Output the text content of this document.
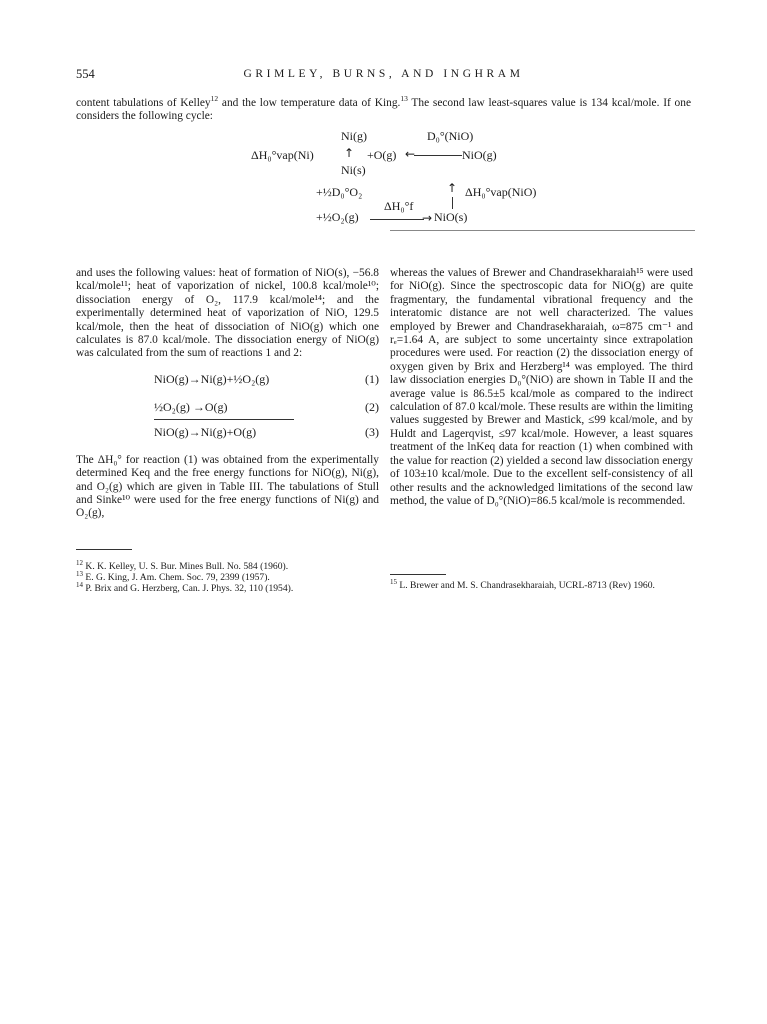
554	GRIMLEY, BURNS, AND INGHRAM
content tabulations of Kelley$^{12}$ and the low temperature data of King.$^{13}$ The second law least-squares value is 134 kcal/mole. If one considers the following cycle:
Ni(g)	D₀°(NiO)
ΔH₀°vap(Ni)	↑ +O(g) ←	NiO(g)
Ni(s)
+½D₀°O₂	↑ ΔH₀°vap(NiO)
ΔH₀°f
+½O₂(g)	→ NiO(s)

and uses the following values: heat of formation of NiO(s), −56.8 kcal/mole¹¹; heat of vaporization of nickel, 100.8 kcal/mole¹⁰; dissociation energy of O₂, 117.9 kcal/mole¹⁴; and the experimentally determined heat of vaporization of NiO, 129.5 kcal/mole, then the heat of dissociation of NiO(g) which one calculates is 87.0 kcal/mole. The dissociation energy of NiO(g) was calculated from the sum of reactions 1 and 2:

NiO(g)→Ni(g)+½O₂(g)	(1)
½O₂(g) →O(g)	(2)
NiO(g)→Ni(g)+O(g)	(3)

The ΔH₀° for reaction (1) was obtained from the experimentally determined Keq and the free energy functions for NiO(g), Ni(g), and O₂(g) which are given in Table III. The tabulations of Stull and Sinke¹⁰ were used for the free energy functions of Ni(g) and O₂(g),

$^{12}$ K. K. Kelley, U. S. Bur. Mines Bull. No. 584 (1960).
$^{13}$ E. G. King, J. Am. Chem. Soc. 79, 2399 (1957).
$^{14}$ P. Brix and G. Herzberg, Can. J. Phys. 32, 110 (1954).

whereas the values of Brewer and Chandrasekharaiah¹⁵ were used for NiO(g). Since the spectroscopic data for NiO(g) are quite fragmentary, the fundamental vibrational frequency and the interatomic distance are not well characterized. The values employed by Brewer and Chandrasekharaiah, ω=875 cm⁻¹ and rₑ=1.64 A, are subject to some uncertainty since extrapolation procedures were used. For reaction (2) the dissociation energy of oxygen given by Brix and Herzberg¹⁴ was employed. The third law dissociation energies D₀°(NiO) are shown in Table II and the average value is 86.5±5 kcal/mole as compared to the indirect calculation of 87.0 kcal/mole. These results are within the limiting values suggested by Brewer and Mastick, ≤99 kcal/mole, and by Huldt and Lagerqvist, ≤97 kcal/mole. However, a least squares treatment of the lnKeq data for reaction (1) when combined with the value for reaction (2) yielded a second law dissociation energy of 103±10 kcal/mole. Due to the excellent self-consistency of all other results and the acknowledged limitations of the second law method, the value of D₀°(NiO)=86.5 kcal/mole is recommended.

$^{15}$ L. Brewer and M. S. Chandrasekharaiah, UCRL-8713 (Rev) 1960.
